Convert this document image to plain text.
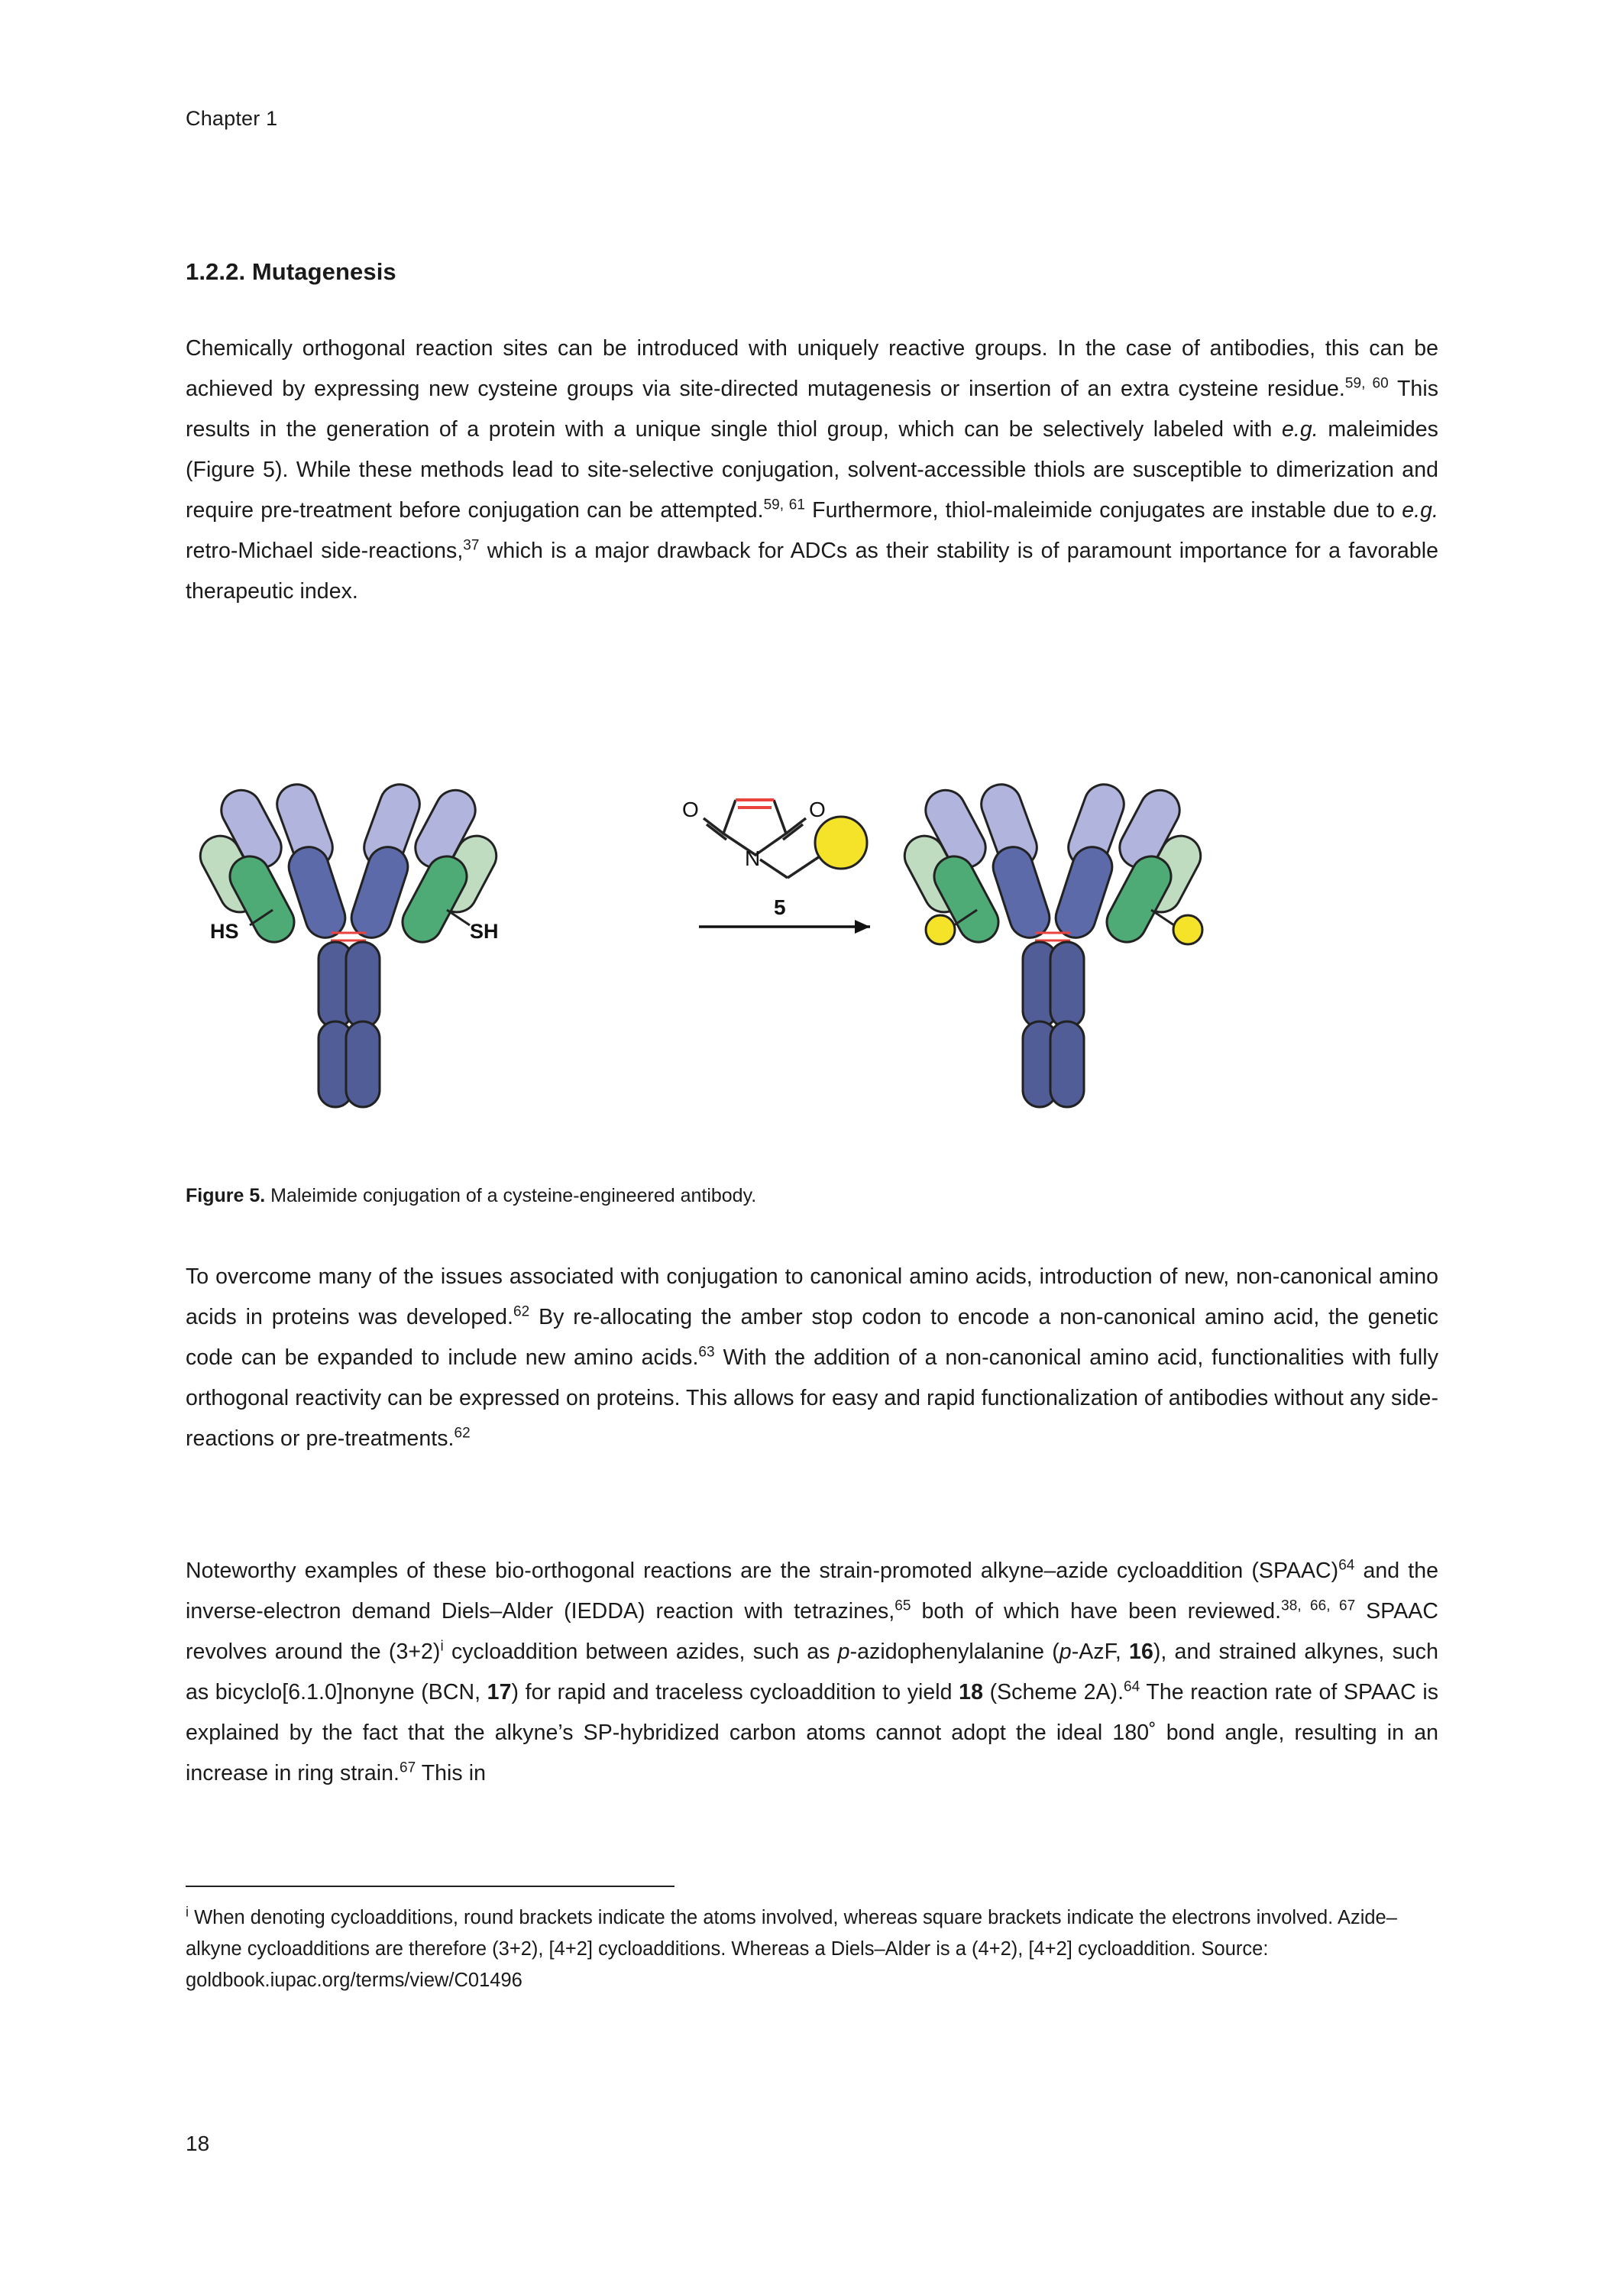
Chapter 1
1.2.2. Mutagenesis

Chemically orthogonal reaction sites can be introduced with uniquely reactive groups. In the case of antibodies, this can be achieved by expressing new cysteine groups via site-directed mutagenesis or insertion of an extra cysteine residue.$^{59, 60}$ This results in the generation of a protein with a unique single thiol group, which can be selectively labeled with e.g. maleimides (Figure 5). While these methods lead to site-selective conjugation, solvent-accessible thiols are susceptible to dimerization and require pre-treatment before conjugation can be attempted.$^{59, 61}$ Furthermore, thiol-maleimide conjugates are instable due to e.g. retro-Michael side-reactions,$^{37}$ which is a major drawback for ADCs as their stability is of paramount importance for a favorable therapeutic index.

HS	SH
N
O	O
5
Figure 5. Maleimide conjugation of a cysteine-engineered antibody.

To overcome many of the issues associated with conjugation to canonical amino acids, introduction of new, non-canonical amino acids in proteins was developed.$^{62}$ By re-allocating the amber stop codon to encode a non-canonical amino acid, the genetic code can be expanded to include new amino acids.$^{63}$ With the addition of a non-canonical amino acid, functionalities with fully orthogonal reactivity can be expressed on proteins. This allows for easy and rapid functionalization of antibodies without any side-reactions or pre-treatments.$^{62}$

Noteworthy examples of these bio-orthogonal reactions are the strain-promoted alkyne–azide cycloaddition (SPAAC)$^{64}$ and the inverse-electron demand Diels–Alder (IEDDA) reaction with tetrazines,$^{65}$ both of which have been reviewed.$^{38, 66, 67}$ SPAAC revolves around the $(3+2)^i$ cycloaddition between azides, such as p-azidophenylalanine (p-AzF, 16), and strained alkynes, such as bicyclo[6.1.0]nonyne (BCN, 17) for rapid and traceless cycloaddition to yield 18 (Scheme 2A).$^{64}$ The reaction rate of SPAAC is explained by the fact that the alkyne’s SP-hybridized carbon atoms cannot adopt the ideal 180˚ bond angle, resulting in an increase in ring strain.$^{67}$ This in

$^i$ When denoting cycloadditions, round brackets indicate the atoms involved, whereas square brackets indicate the electrons involved. Azide–alkyne cycloadditions are therefore (3+2), [4+2] cycloadditions. Whereas a Diels–Alder is a (4+2), [4+2] cycloaddition. Source: goldbook.iupac.org/terms/view/C01496
18
